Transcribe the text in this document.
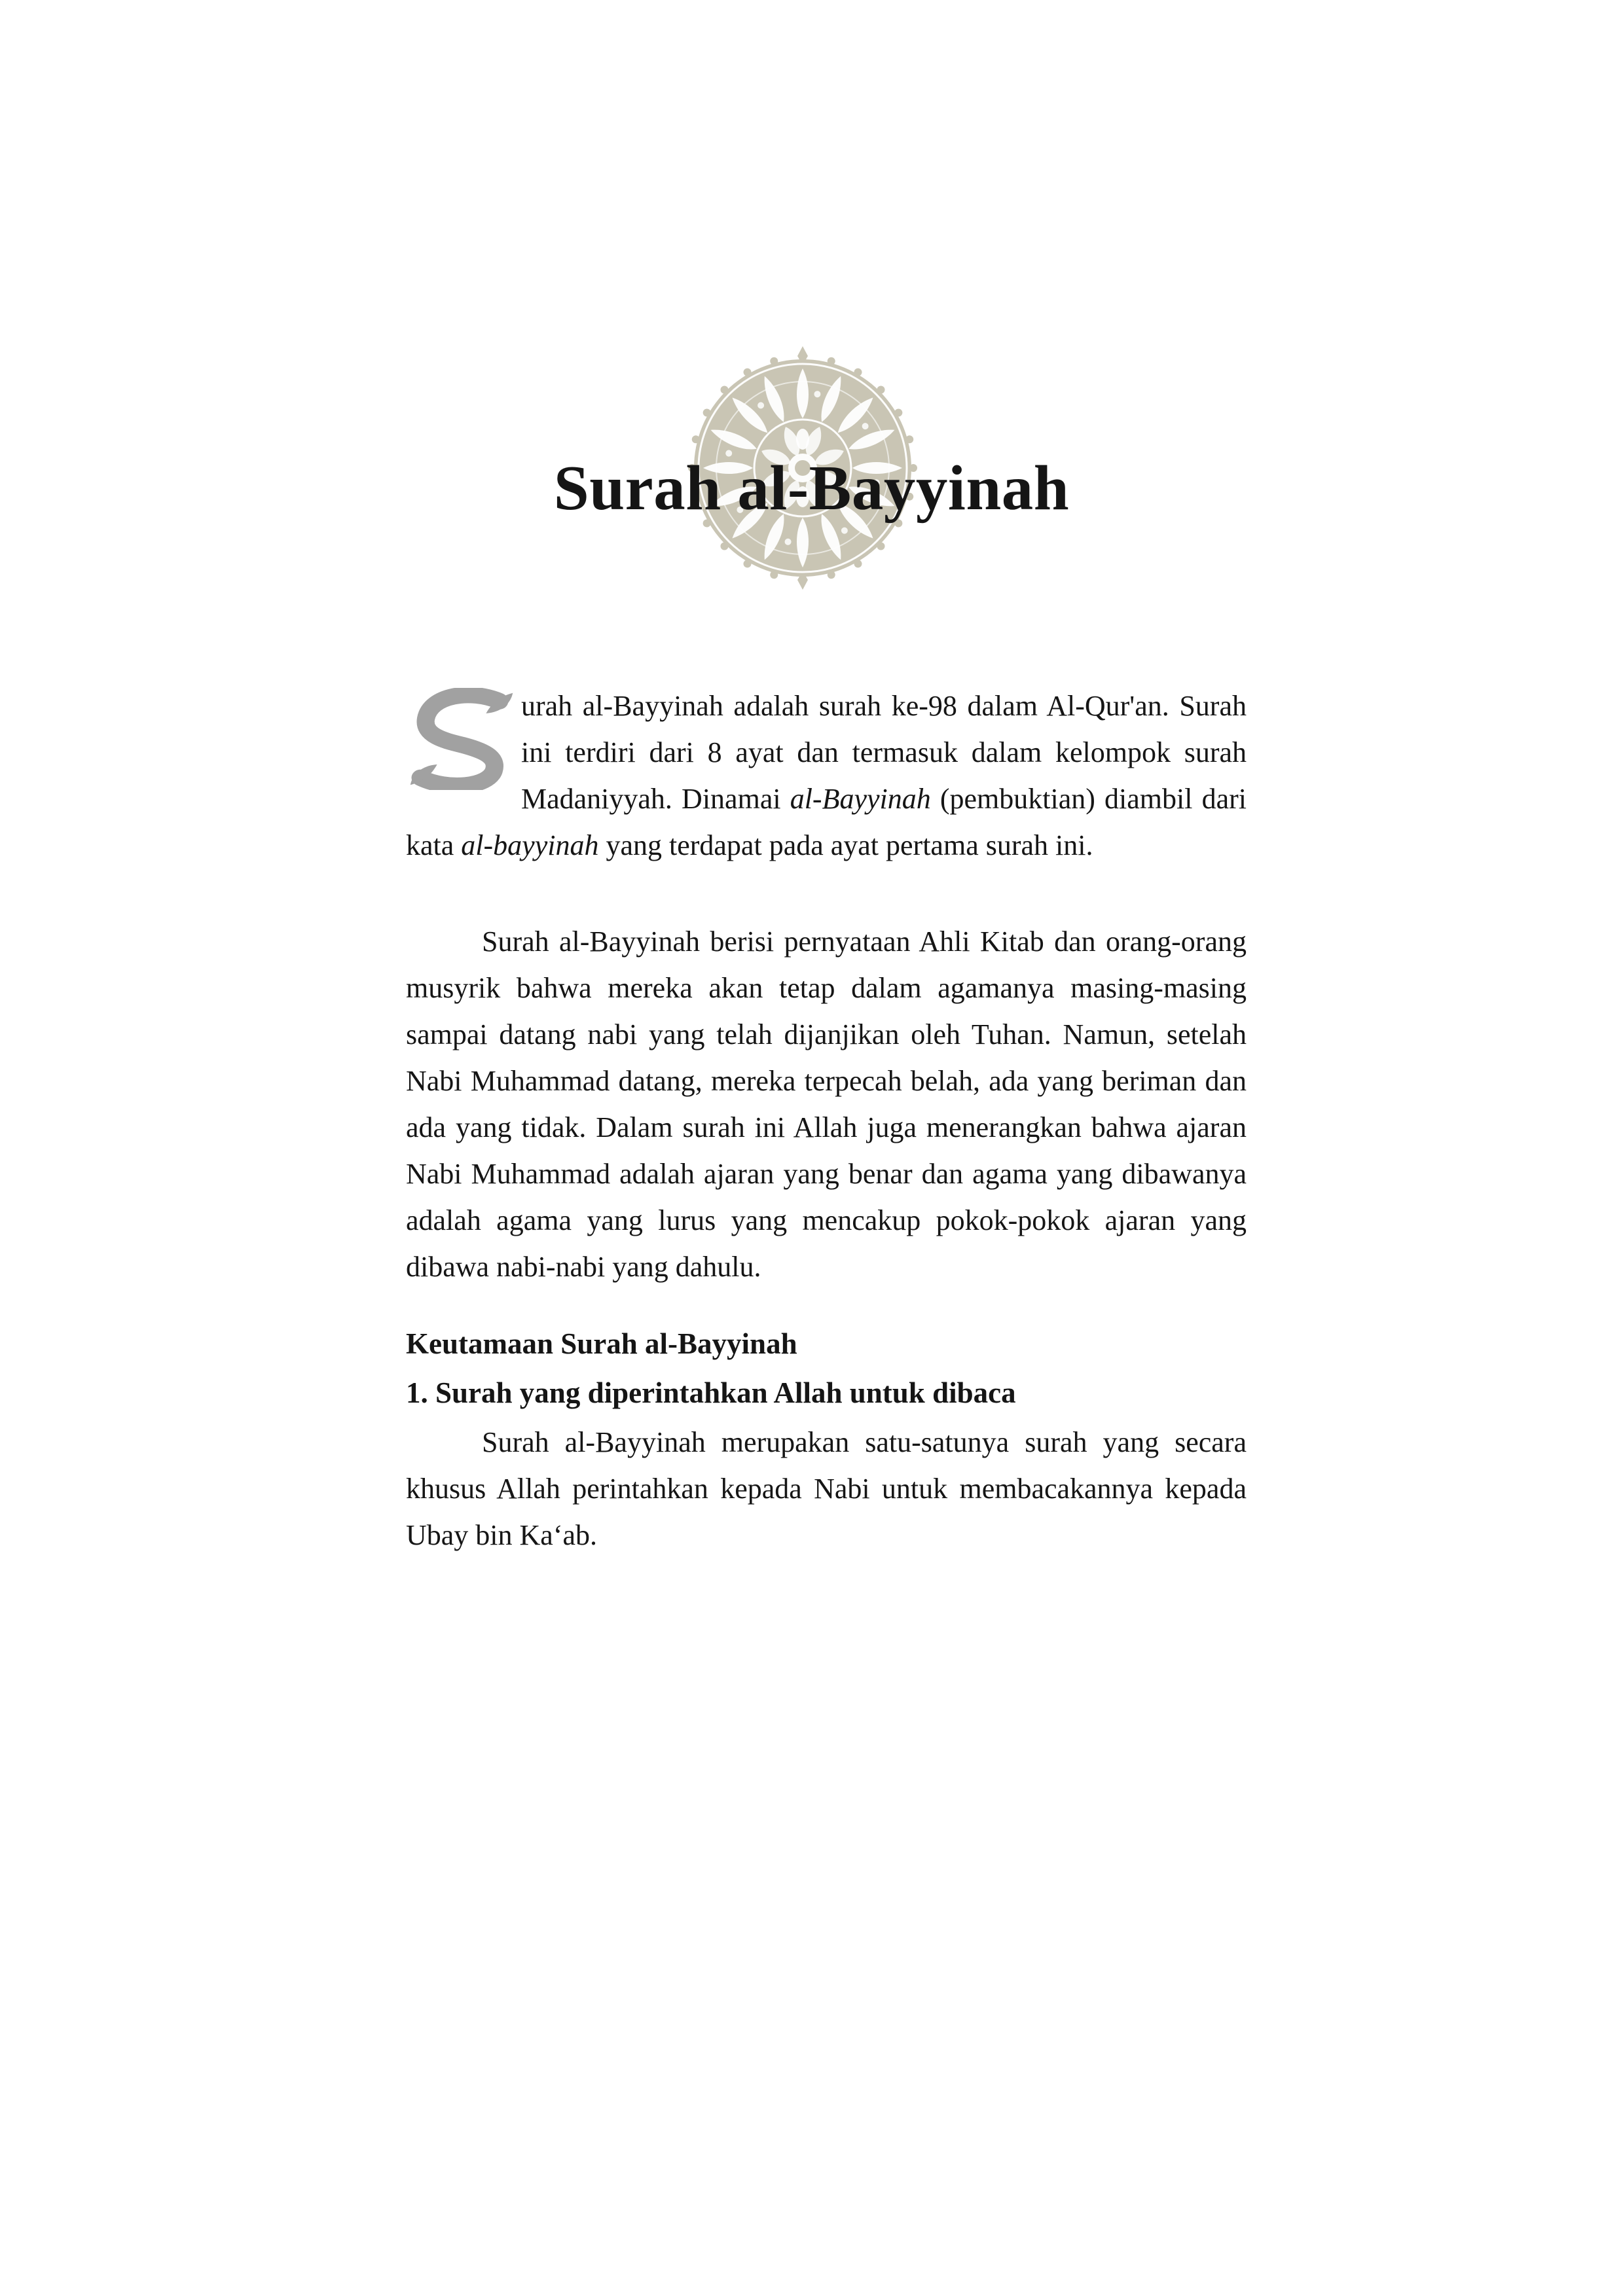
Surah al-Bayyinah

urah al-Bayyinah adalah surah ke-98 dalam Al-Qur'an. Surah ini terdiri dari 8 ayat dan termasuk dalam kelompok surah Madaniyyah. Dinamai al-Bayyinah (pembuktian) diambil dari kata al-bayyinah yang terdapat pada ayat pertama surah ini.

Surah al-Bayyinah berisi pernyataan Ahli Kitab dan orang-orang musyrik bahwa mereka akan tetap dalam agamanya masing-masing sampai datang nabi yang telah dijanjikan oleh Tuhan. Namun, setelah Nabi Muhammad datang, mereka terpecah belah, ada yang beriman dan ada yang tidak. Dalam surah ini Allah juga menerangkan bahwa ajaran Nabi Muhammad adalah ajaran yang benar dan agama yang dibawanya adalah agama yang lurus yang mencakup pokok-pokok ajaran yang dibawa nabi-nabi yang dahulu.

Keutamaan Surah al-Bayyinah
1. Surah yang diperintahkan Allah untuk dibaca

Surah al-Bayyinah merupakan satu-satunya surah yang secara khusus Allah perintahkan kepada Nabi untuk membacakannya kepada Ubay bin Kaʻab.
